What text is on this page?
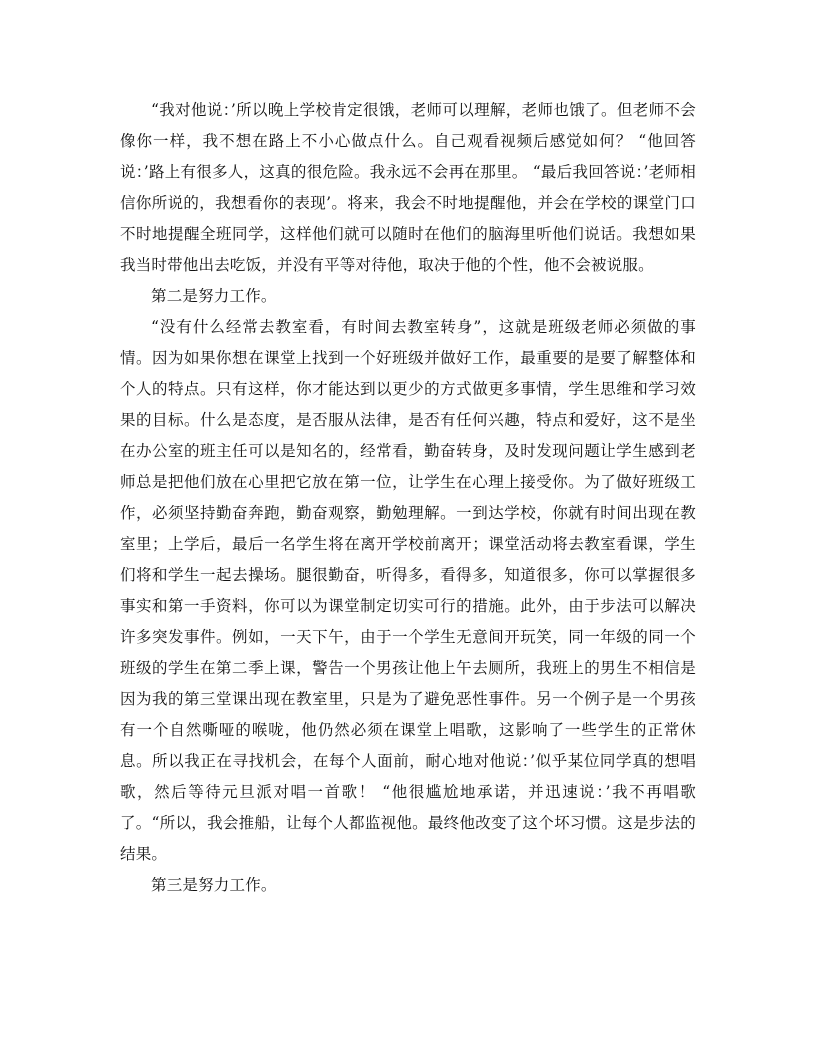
“我对他说：’所以晚上学校肯定很饿，老师可以理解，老师也饿了。但老师不会像你一样，我不想在路上不小心做点什么。自己观看视频后感觉如何？ “他回答说：’路上有很多人，这真的很危险。我永远不会再在那里。 “最后我回答说：’老师相信你所说的，我想看你的表现’。将来，我会不时地提醒他，并会在学校的课堂门口不时地提醒全班同学，这样他们就可以随时在他们的脑海里听他们说话。我想如果我当时带他出去吃饭，并没有平等对待他，取决于他的个性，他不会被说服。

第二是努力工作。

“没有什么经常去教室看，有时间去教室转身”，这就是班级老师必须做的事情。因为如果你想在课堂上找到一个好班级并做好工作，最重要的是要了解整体和个人的特点。只有这样，你才能达到以更少的方式做更多事情，学生思维和学习效果的目标。什么是态度，是否服从法律，是否有任何兴趣，特点和爱好，这不是坐在办公室的班主任可以是知名的，经常看，勤奋转身，及时发现问题让学生感到老师总是把他们放在心里把它放在第一位，让学生在心理上接受你。为了做好班级工作，必须坚持勤奋奔跑，勤奋观察，勤勉理解。一到达学校，你就有时间出现在教室里；上学后，最后一名学生将在离开学校前离开；课堂活动将去教室看课，学生们将和学生一起去操场。腿很勤奋，听得多，看得多，知道很多，你可以掌握很多事实和第一手资料，你可以为课堂制定切实可行的措施。此外，由于步法可以解决许多突发事件。例如，一天下午，由于一个学生无意间开玩笑，同一年级的同一个班级的学生在第二季上课，警告一个男孩让他上午去厕所，我班上的男生不相信是因为我的第三堂课出现在教室里，只是为了避免恶性事件。另一个例子是一个男孩有一个自然嘶哑的喉咙，他仍然必须在课堂上唱歌，这影响了一些学生的正常休息。所以我正在寻找机会，在每个人面前，耐心地对他说：’似乎某位同学真的想唱歌，然后等待元旦派对唱一首歌！ “他很尴尬地承诺，并迅速说：’我不再唱歌了。“所以，我会推船，让每个人都监视他。最终他改变了这个坏习惯。这是步法的结果。

第三是努力工作。
